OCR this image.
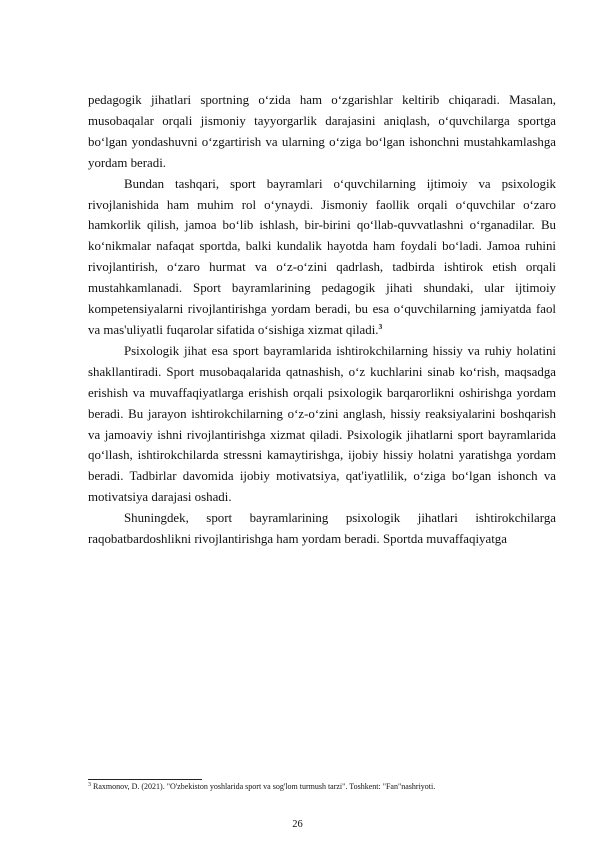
pedagogik jihatlari sportning o‘zida ham o‘zgarishlar keltirib chiqaradi. Masalan, musobaqalar orqali jismoniy tayyorgarlik darajasini aniqlash, o‘quvchilarga sportga bo‘lgan yondashuvni o‘zgartirish va ularning o‘ziga bo‘lgan ishonchni mustahkamlashga yordam beradi.

Bundan tashqari, sport bayramlari o‘quvchilarning ijtimoiy va psixologik rivojlanishida ham muhim rol o‘ynaydi. Jismoniy faollik orqali o‘quvchilar o‘zaro hamkorlik qilish, jamoa bo‘lib ishlash, bir-birini qo‘llab-quvvatlashni o‘rganadilar. Bu ko‘nikmalar nafaqat sportda, balki kundalik hayotda ham foydali bo‘ladi. Jamoa ruhini rivojlantirish, o‘zaro hurmat va o‘z-o‘zini qadrlash, tadbirda ishtirok etish orqali mustahkamlanadi. Sport bayramlarining pedagogik jihati shundaki, ular ijtimoiy kompetensiyalarni rivojlantirishga yordam beradi, bu esa o‘quvchilarning jamiyatda faol va mas'uliyatli fuqarolar sifatida o‘sishiga xizmat qiladi.$^3$

Psixologik jihat esa sport bayramlarida ishtirokchilarning hissiy va ruhiy holatini shakllantiradi. Sport musobaqalarida qatnashish, o‘z kuchlarini sinab ko‘rish, maqsadga erishish va muvaffaqiyatlarga erishish orqali psixologik barqarorlikni oshirishga yordam beradi. Bu jarayon ishtirokchilarning o‘z-o‘zini anglash, hissiy reaksiyalarini boshqarish va jamoaviy ishni rivojlantirishga xizmat qiladi. Psixologik jihatlarni sport bayramlarida qo‘llash, ishtirokchilarda stressni kamaytirishga, ijobiy hissiy holatni yaratishga yordam beradi. Tadbirlar davomida ijobiy motivatsiya, qat'iyatlilik, o‘ziga bo‘lgan ishonch va motivatsiya darajasi oshadi.

Shuningdek, sport bayramlarining psixologik jihatlari ishtirokchilarga raqobatbardoshlikni rivojlantirishga ham yordam beradi. Sportda muvaffaqiyatga

$^3$ Raxmonov, D. (2021). "O'zbekiston yoshlarida sport va sog'lom turmush tarzi". Toshkent: "Fan"nashriyoti.
26
